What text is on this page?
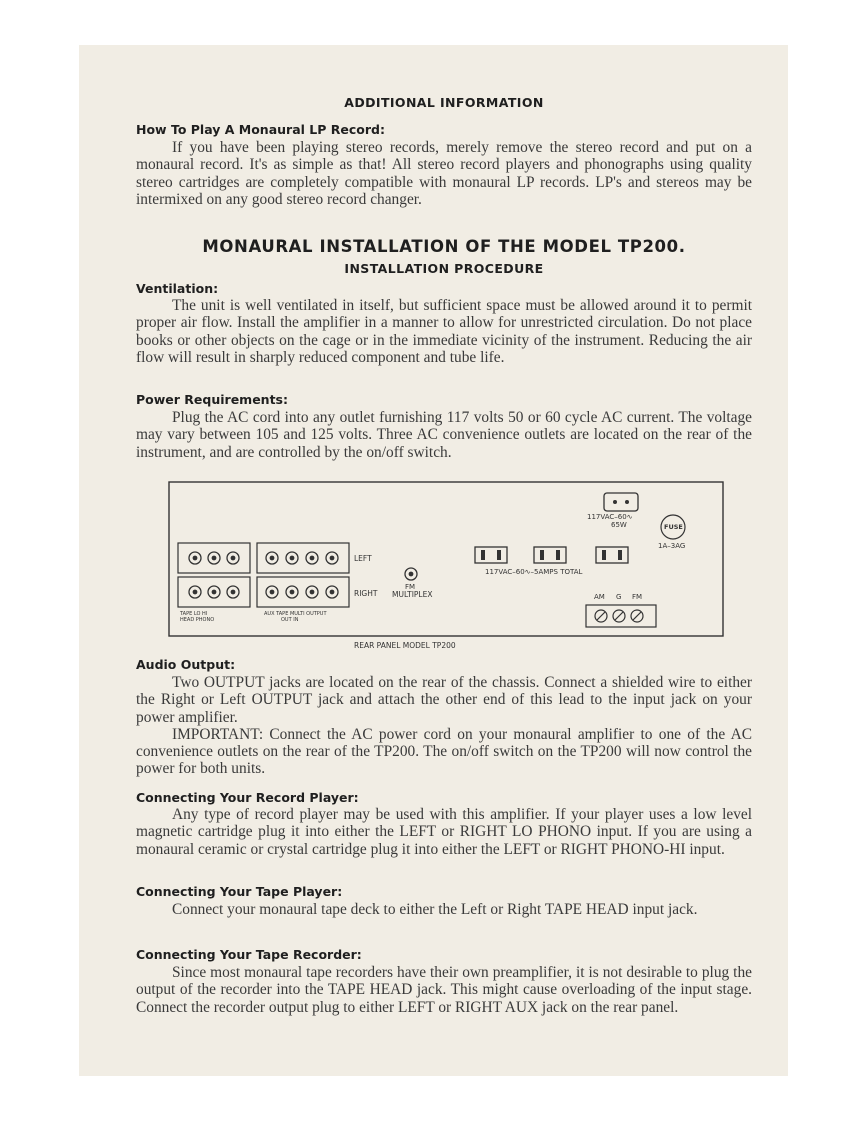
ADDITIONAL INFORMATION
How To Play A Monaural LP Record:
If you have been playing stereo records, merely remove the stereo record and put on a monaural record. It's as simple as that! All stereo record players and phonographs using quality stereo cartridges are completely compatible with monaural LP records. LP's and stereos may be intermixed on any good stereo record changer.
MONAURAL INSTALLATION OF THE MODEL TP200.
INSTALLATION PROCEDURE
Ventilation:
The unit is well ventilated in itself, but sufficient space must be allowed around it to permit proper air flow. Install the amplifier in a manner to allow for unrestricted circulation. Do not place books or other objects on the cage or in the immediate vicinity of the instrument. Reducing the air flow will result in sharply reduced component and tube life.
Power Requirements:
Plug the AC cord into any outlet furnishing 117 volts 50 or 60 cycle AC current. The voltage may vary between 105 and 125 volts. Three AC convenience outlets are located on the rear of the instrument, and are controlled by the on/off switch.
117VAC–60∿
65W	FUSE
1A–3AG
LEFT
RIGHT
FM
MULTIPLEX
117VAC–60∿–5AMPS TOTAL
TAPE LO HI
HEAD PHONO
AUX TAPE MULTI OUTPUT
OUT IN
AM G FM
REAR PANEL MODEL TP200
Audio Output:

Two OUTPUT jacks are located on the rear of the chassis. Connect a shielded wire to either the Right or Left OUTPUT jack and attach the other end of this lead to the input jack on your power amplifier.

IMPORTANT: Connect the AC power cord on your monaural amplifier to one of the AC convenience outlets on the rear of the TP200. The on/off switch on the TP200 will now control the power for both units.

Connecting Your Record Player:
Any type of record player may be used with this amplifier. If your player uses a low level magnetic cartridge plug it into either the LEFT or RIGHT LO PHONO input. If you are using a monaural ceramic or crystal cartridge plug it into either the LEFT or RIGHT PHONO-HI input.
Connecting Your Tape Player:
Connect your monaural tape deck to either the Left or Right TAPE HEAD input jack.
Connecting Your Tape Recorder:
Since most monaural tape recorders have their own preamplifier, it is not desirable to plug the output of the recorder into the TAPE HEAD jack. This might cause overloading of the input stage. Connect the recorder output plug to either LEFT or RIGHT AUX jack on the rear panel.
